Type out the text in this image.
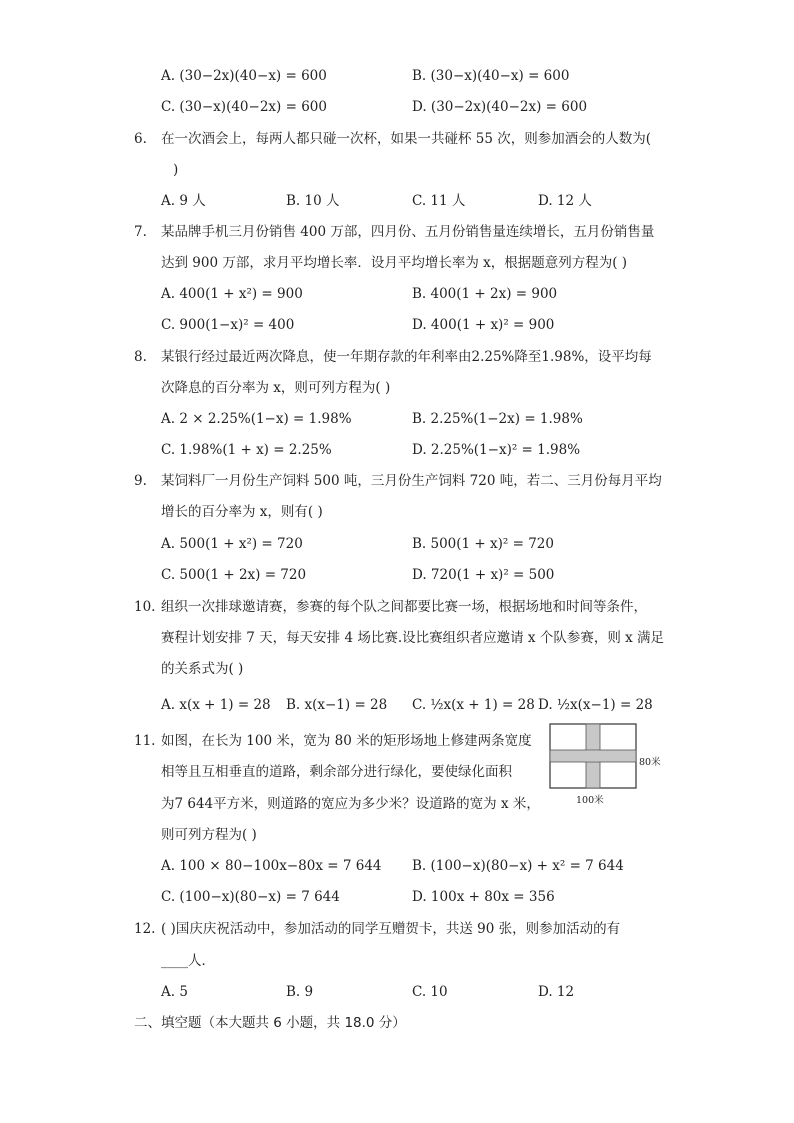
A. (30−2x)(40−x) = 600	B. (30−x)(40−x) = 600
C. (30−x)(40−2x) = 600	D. (30−2x)(40−2x) = 600
6. 在一次酒会上，每两人都只碰一次杯，如果一共碰杯 55 次，则参加酒会的人数为(
)
A. 9 人	B. 10 人	C. 11 人	D. 12 人
7. 某品牌手机三月份销售 400 万部，四月份、五月份销售量连续增长，五月份销售量
达到 900 万部，求月平均增长率．设月平均增长率为 x，根据题意列方程为( )
A. 400(1 + x²) = 900	B. 400(1 + 2x) = 900
C. 900(1−x)² = 400	D. 400(1 + x)² = 900
8. 某银行经过最近两次降息，使一年期存款的年利率由2.25%降至1.98%，设平均每
次降息的百分率为 x，则可列方程为( )
A. 2 × 2.25%(1−x) = 1.98%	B. 2.25%(1−2x) = 1.98%
C. 1.98%(1 + x) = 2.25%	D. 2.25%(1−x)² = 1.98%
9. 某饲料厂一月份生产饲料 500 吨，三月份生产饲料 720 吨，若二、三月份每月平均
增长的百分率为 x，则有( )
A. 500(1 + x²) = 720	B. 500(1 + x)² = 720
C. 500(1 + 2x) = 720	D. 720(1 + x)² = 500
10. 组织一次排球邀请赛，参赛的每个队之间都要比赛一场，根据场地和时间等条件，
赛程计划安排 7 天，每天安排 4 场比赛.设比赛组织者应邀请 x 个队参赛，则 x 满足
的关系式为( )
A. x(x + 1) = 28 B. x(x−1) = 28 C. ½x(x + 1) = 28 D. ½x(x−1) = 28
11. 如图，在长为 100 米，宽为 80 米的矩形场地上修建两条宽度
相等且互相垂直的道路，剩余部分进行绿化，要使绿化面积
为7 644平方米，则道路的宽应为多少米？设道路的宽为 x 米，
则可列方程为( )
80米
100米
A. 100 × 80−100x−80x = 7 644 B. (100−x)(80−x) + x² = 7 644
C. (100−x)(80−x) = 7 644	D. 100x + 80x = 356
12. ( )国庆庆祝活动中，参加活动的同学互赠贺卡，共送 90 张，则参加活动的有
____人．
A. 5	B. 9	C. 10	D. 12
二、填空题（本大题共 6 小题，共 18.0 分）
